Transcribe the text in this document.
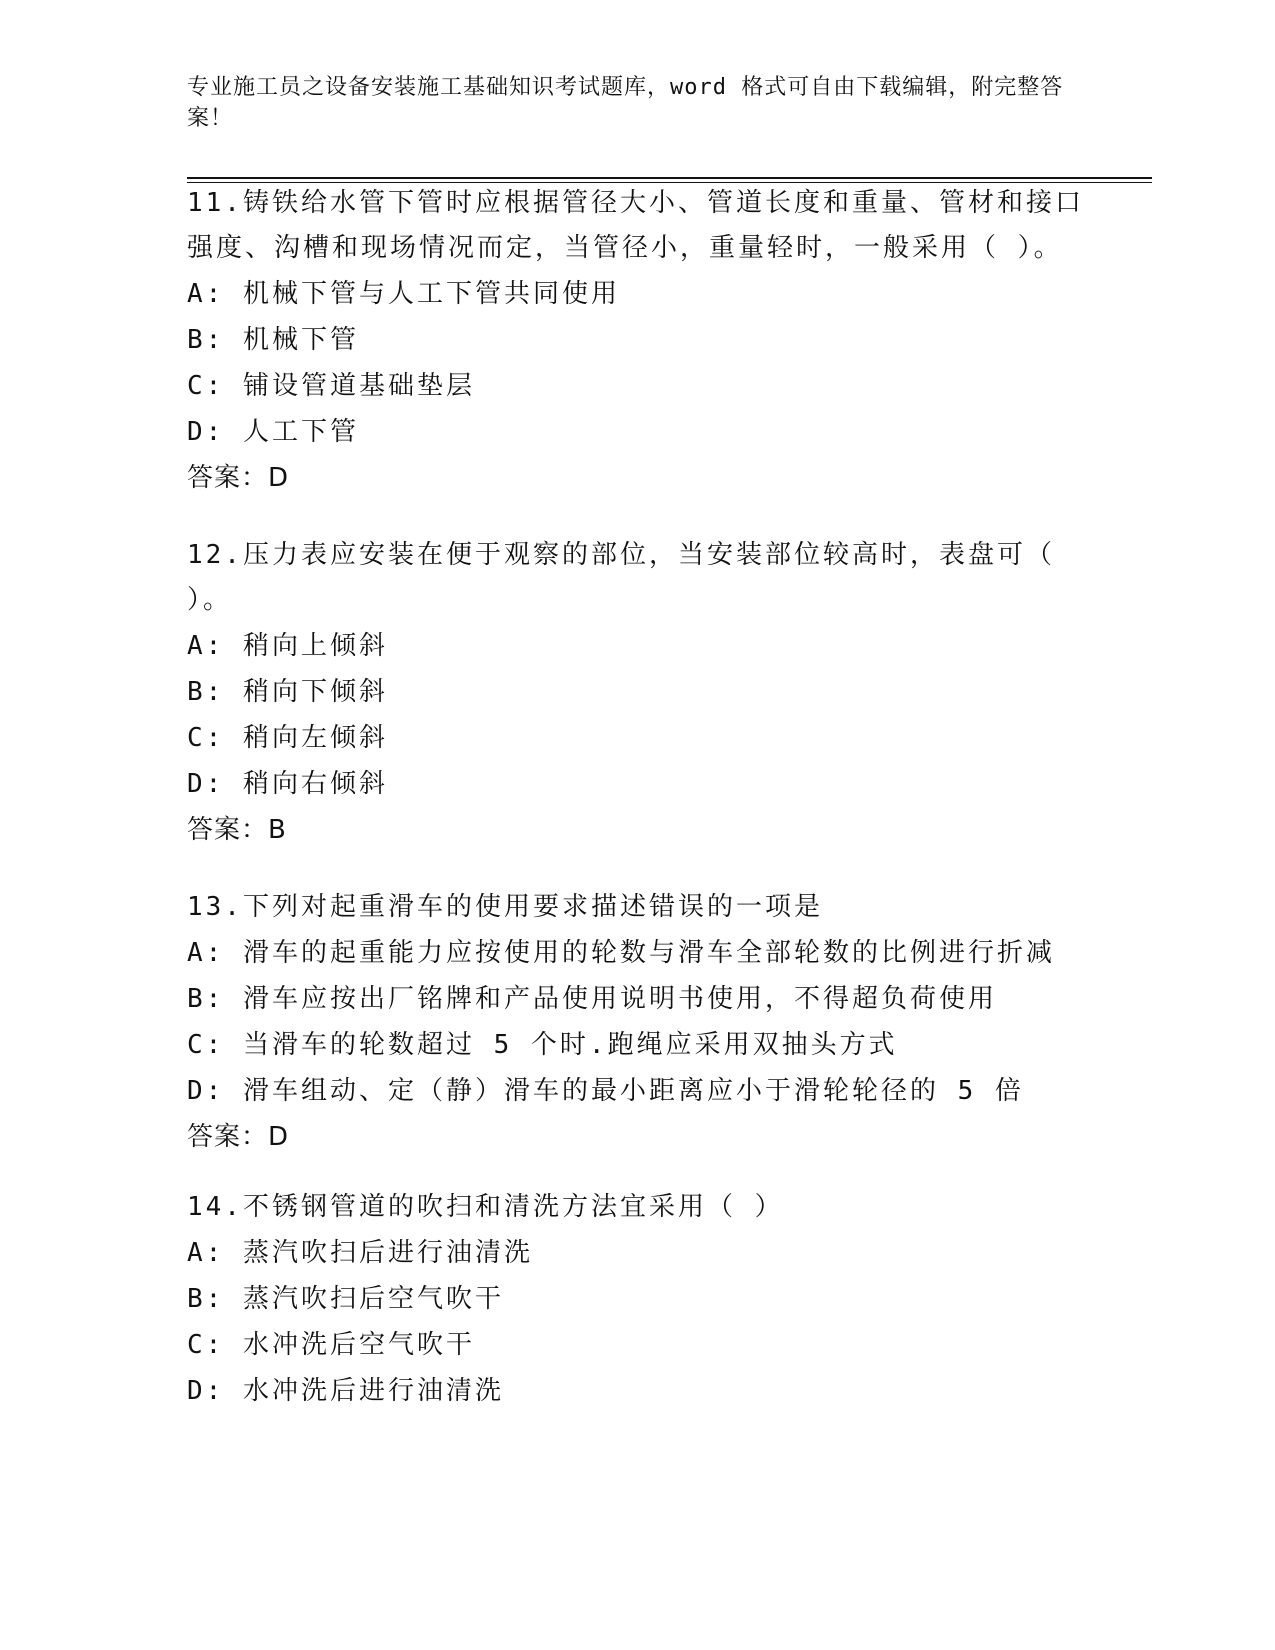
专业施工员之设备安装施工基础知识考试题库，word 格式可自由下载编辑，附完整答案！

11.铸铁给水管下管时应根据管径大小、管道长度和重量、管材和接口强度、沟槽和现场情况而定，当管径小，重量轻时，一般采用（ ）。

A: 机械下管与人工下管共同使用

B: 机械下管

C: 铺设管道基础垫层

D: 人工下管

答案：D

12.压力表应安装在便于观察的部位，当安装部位较高时，表盘可（ ）。

A: 稍向上倾斜

B: 稍向下倾斜

C: 稍向左倾斜

D: 稍向右倾斜

答案：B

13.下列对起重滑车的使用要求描述错误的一项是

A: 滑车的起重能力应按使用的轮数与滑车全部轮数的比例进行折减

B: 滑车应按出厂铭牌和产品使用说明书使用，不得超负荷使用

C: 当滑车的轮数超过 5 个时.跑绳应采用双抽头方式

D: 滑车组动、定（静）滑车的最小距离应小于滑轮轮径的 5 倍

答案：D

14.不锈钢管道的吹扫和清洗方法宜采用（ ）

A: 蒸汽吹扫后进行油清洗

B: 蒸汽吹扫后空气吹干

C: 水冲洗后空气吹干

D: 水冲洗后进行油清洗
